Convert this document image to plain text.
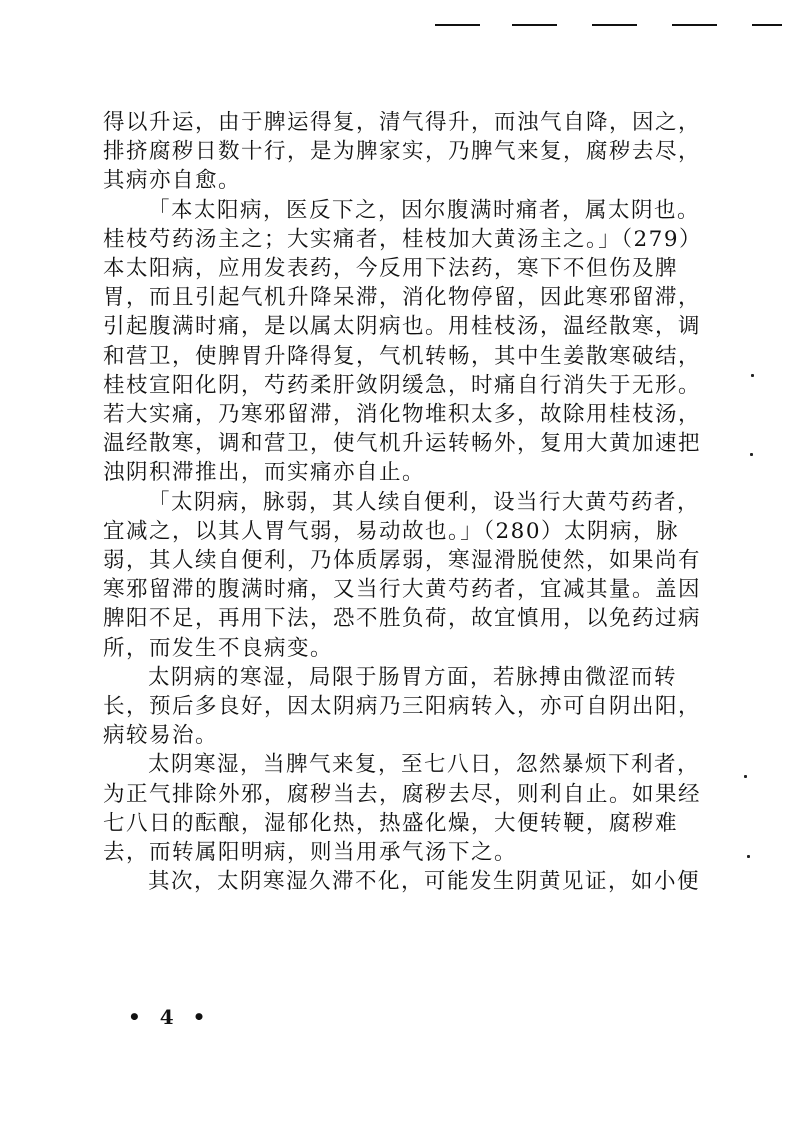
得以升运，由于脾运得复，清气得升，而浊气自降，因之，
排挤腐秽日数十行，是为脾家实，乃脾气来复，腐秽去尽，
其病亦自愈。

「本太阳病，医反下之，因尔腹满时痛者，属太阴也。
桂枝芍药汤主之；大实痛者，桂枝加大黄汤主之。」（279）
本太阳病，应用发表药，今反用下法药，寒下不但伤及脾
胃，而且引起气机升降呆滞，消化物停留，因此寒邪留滞，
引起腹满时痛，是以属太阴病也。用桂枝汤，温经散寒，调
和营卫，使脾胃升降得复，气机转畅，其中生姜散寒破结，
桂枝宣阳化阴，芍药柔肝敛阴缓急，时痛自行消失于无形。
若大实痛，乃寒邪留滞，消化物堆积太多，故除用桂枝汤，
温经散寒，调和营卫，使气机升运转畅外，复用大黄加速把
浊阴积滞推出，而实痛亦自止。

「太阴病，脉弱，其人续自便利，设当行大黄芍药者，
宜减之，以其人胃气弱，易动故也。」（280）太阴病，脉
弱，其人续自便利，乃体质孱弱，寒湿滑脱使然，如果尚有
寒邪留滞的腹满时痛，又当行大黄芍药者，宜减其量。盖因
脾阳不足，再用下法，恐不胜负荷，故宜慎用，以免药过病
所，而发生不良病变。

太阴病的寒湿，局限于肠胃方面，若脉搏由微涩而转
长，预后多良好，因太阴病乃三阳病转入，亦可自阴出阳，
病较易治。

太阴寒湿，当脾气来复，至七八日，忽然暴烦下利者，
为正气排除外邪，腐秽当去，腐秽去尽，则利自止。如果经
七八日的酝酿，湿郁化热，热盛化燥，大便转鞕，腐秽难
去，而转属阳明病，则当用承气汤下之。

其次，太阴寒湿久滞不化，可能发生阴黄见证，如小便

• 4 •
